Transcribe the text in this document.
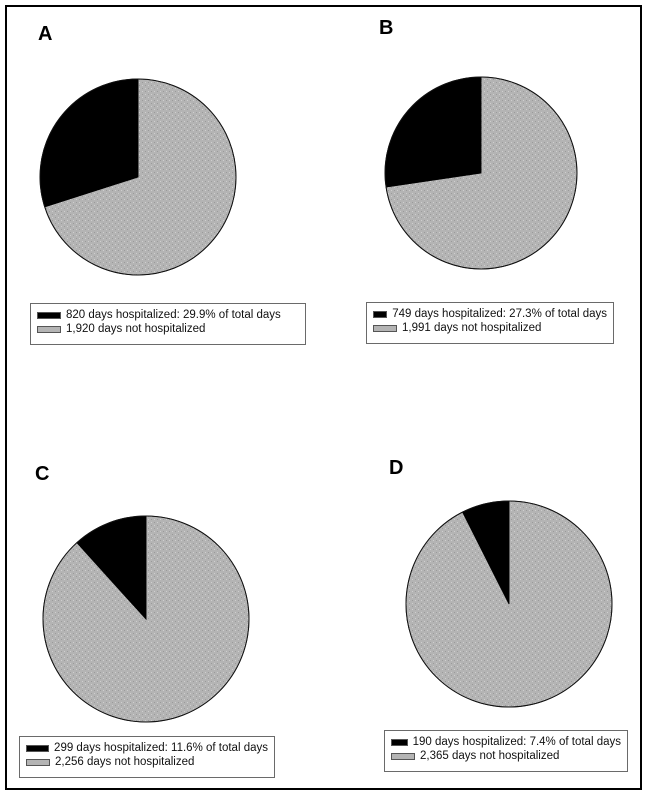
A
820 days hospitalized: 29.9% of total days
1,920 days not hospitalized
B
749 days hospitalized: 27.3% of total days
1,991 days not hospitalized
C
299 days hospitalized: 11.6% of total days
2,256 days not hospitalized
D
190 days hospitalized: 7.4% of total days
2,365 days not hospitalized
